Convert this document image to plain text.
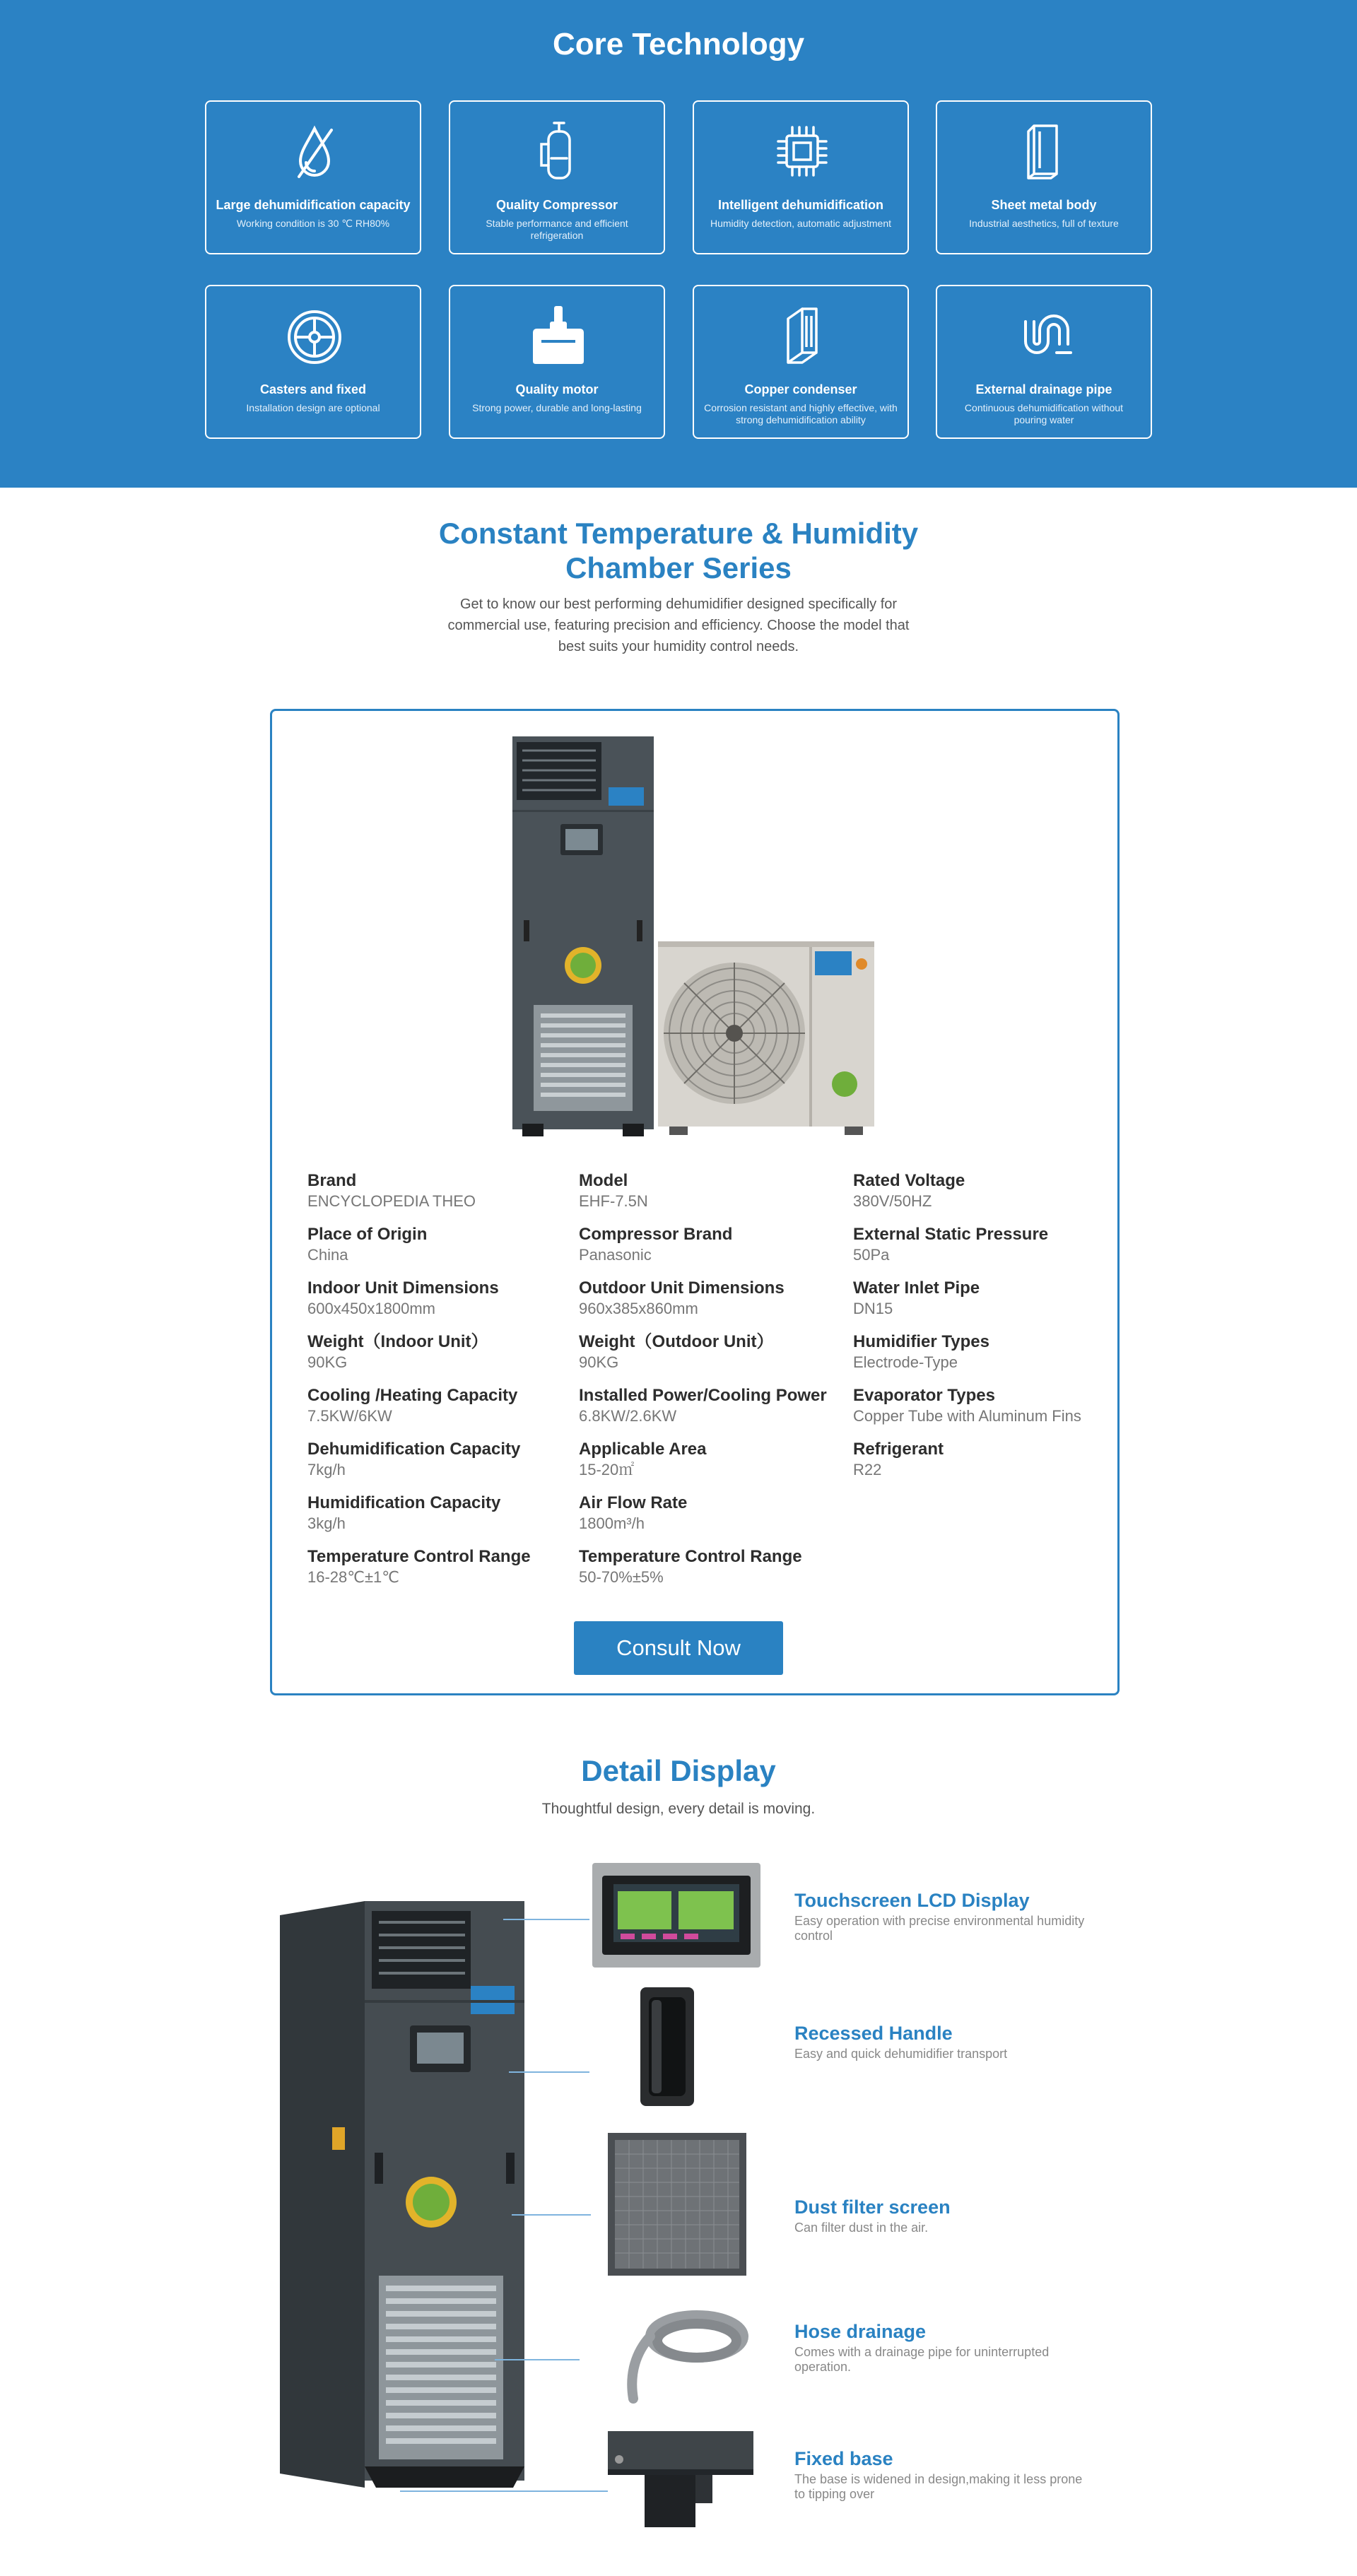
Core Technology
Large dehumidification capacity
Working condition is 30 ℃ RH80%
Quality Compressor
Stable performance and efficient refrigeration
Intelligent dehumidification
Humidity detection, automatic adjustment
Sheet metal body
Industrial aesthetics, full of texture
Casters and fixed
Installation design are optional
Quality motor
Strong power, durable and long-lasting
Copper condenser
Corrosion resistant and highly effective, with strong dehumidification ability
External drainage pipe
Continuous dehumidification without pouring water
Constant Temperature & Humidity
Chamber Series

Get to know our best performing dehumidifier designed specifically for commercial use, featuring precision and efficiency. Choose the model that best suits your humidity control needs.

Brand
ENCYCLOPEDIA THEO
Model
EHF-7.5N
Rated Voltage
380V/50HZ
Place of Origin
China
Compressor Brand
Panasonic
External Static Pressure
50Pa
Indoor Unit Dimensions
600x450x1800mm
Outdoor Unit Dimensions
960x385x860mm
Water Inlet Pipe
DN15
Weight（Indoor Unit）
90KG
Weight（Outdoor Unit）
90KG
Humidifier Types
Electrode-Type
Cooling /Heating Capacity
7.5KW/6KW
Installed Power/Cooling Power
6.8KW/2.6KW
Evaporator Types
Copper Tube with Aluminum Fins
Dehumidification Capacity
7kg/h
Applicable Area
15-20㎡
Refrigerant
R22
Humidification Capacity
3kg/h
Air Flow Rate
1800m³/h
Temperature Control Range
16-28℃±1℃
Temperature Control Range
50-70%±5%
Consult Now
Detail Display

Thoughtful design, every detail is moving.

Touchscreen LCD Display
Easy operation with precise environmental humidity control
Recessed Handle
Easy and quick dehumidifier transport
Dust filter screen
Can filter dust in the air.
Hose drainage
Comes with a drainage pipe for uninterrupted operation.
Fixed base
The base is widened in design,making it less prone to tipping over
